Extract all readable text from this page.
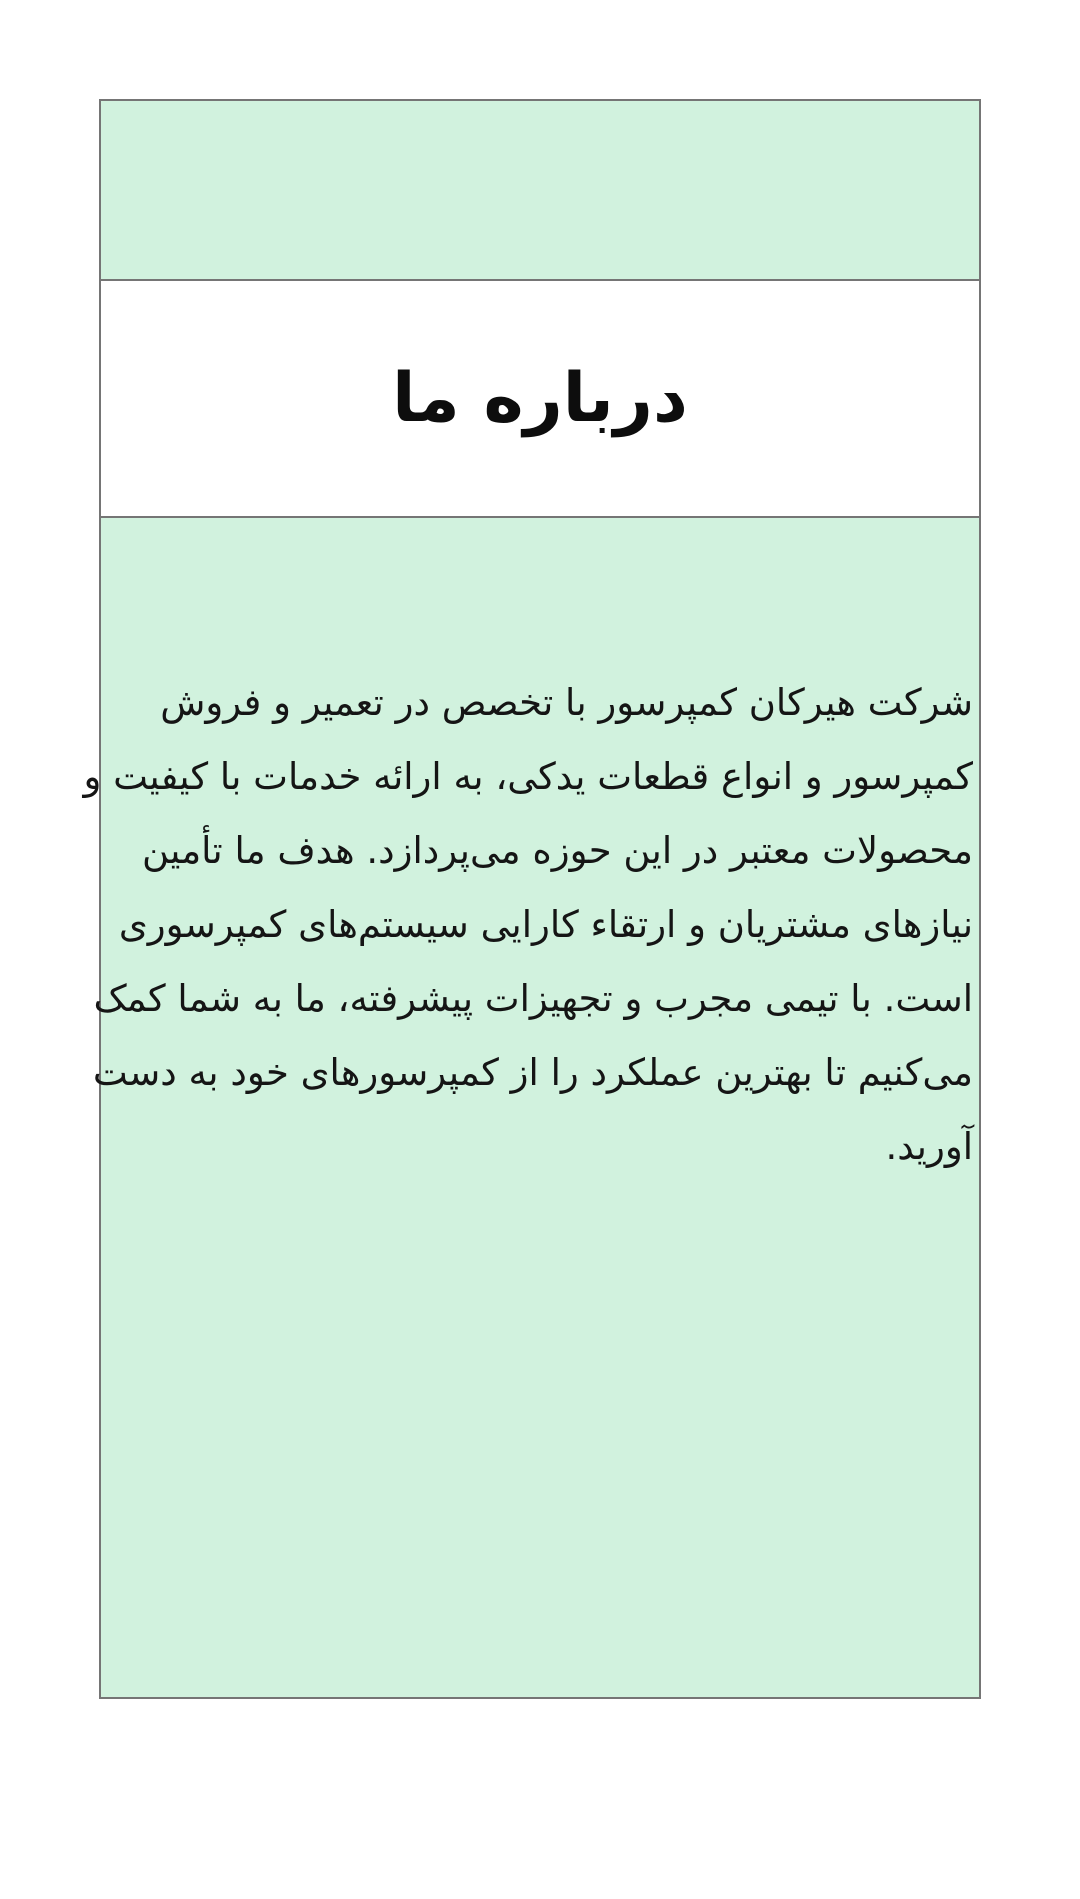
درباره ما
شرکت هیرکان کمپرسور با تخصص در تعمیر و فروش
کمپرسور و انواع قطعات یدکی، به ارائه خدمات با کیفیت و
محصولات معتبر در این حوزه می‌پردازد. هدف ما تأمین
نیازهای مشتریان و ارتقاء کارایی سیستم‌های کمپرسوری
است. با تیمی مجرب و تجهیزات پیشرفته، ما به شما کمک
می‌کنیم تا بهترین عملکرد را از کمپرسورهای خود به دست
آورید.
